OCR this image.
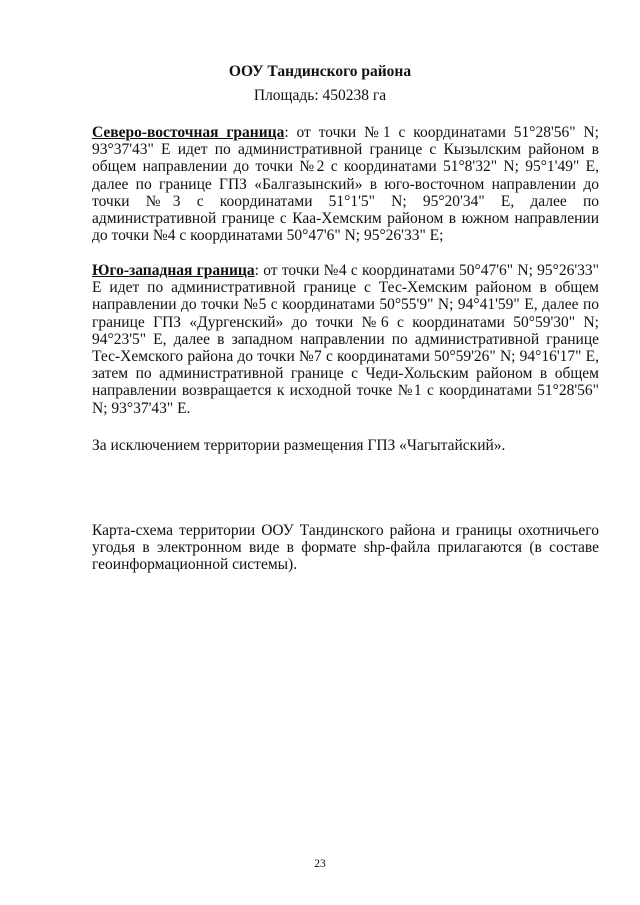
ООУ Тандинского района
Площадь: 450238 га

Северо-восточная граница: от точки №1 с координатами 51°28'56" N; 93°37'43" E идет по административной границе с Кызылским районом в общем направлении до точки №2 с координатами 51°8'32" N; 95°1'49" E, далее по границе ГПЗ «Балгазынский» в юго-восточном направлении до точки №3 с координатами 51°1'5" N; 95°20'34" E, далее по административной границе с Каа-Хемским районом в южном направлении до точки №4 с координатами 50°47'6" N; 95°26'33" E;

Юго-западная граница: от точки №4 с координатами 50°47'6" N; 95°26'33" E идет по административной границе с Тес-Хемским районом в общем направлении до точки №5 с координатами 50°55'9" N; 94°41'59" E, далее по границе ГПЗ «Дургенский» до точки №6 с координатами 50°59'30" N; 94°23'5" E, далее в западном направлении по административной границе Тес-Хемского района до точки №7 с координатами 50°59'26" N; 94°16'17" E, затем по административной границе с Чеди-Хольским районом в общем направлении возвращается к исходной точке №1 с координатами 51°28'56" N; 93°37'43" E.

За исключением территории размещения ГПЗ «Чагытайский».

Карта-схема территории ООУ Тандинского района и границы охотничьего угодья в электронном виде в формате shp-файла прилагаются (в составе геоинформационной системы).

23
